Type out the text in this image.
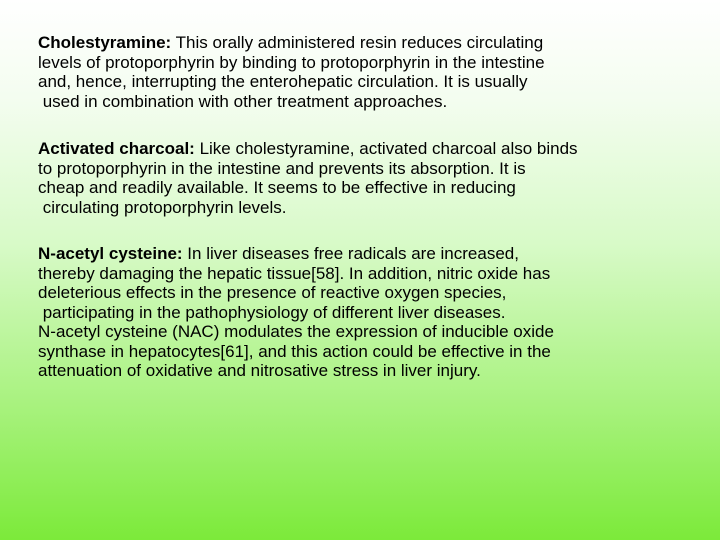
Cholestyramine: This orally administered resin reduces circulating
levels of protoporphyrin by binding to protoporphyrin in the intestine
and, hence, interrupting the enterohepatic circulation. It is usually
used in combination with other treatment approaches.
Activated charcoal: Like cholestyramine, activated charcoal also binds
to protoporphyrin in the intestine and prevents its absorption. It is
cheap and readily available. It seems to be effective in reducing
circulating protoporphyrin levels.
N-acetyl cysteine: In liver diseases free radicals are increased,
thereby damaging the hepatic tissue[58]. In addition, nitric oxide has
deleterious effects in the presence of reactive oxygen species,
participating in the pathophysiology of different liver diseases.
N-acetyl cysteine (NAC) modulates the expression of inducible oxide
synthase in hepatocytes[61], and this action could be effective in the
attenuation of oxidative and nitrosative stress in liver injury.
